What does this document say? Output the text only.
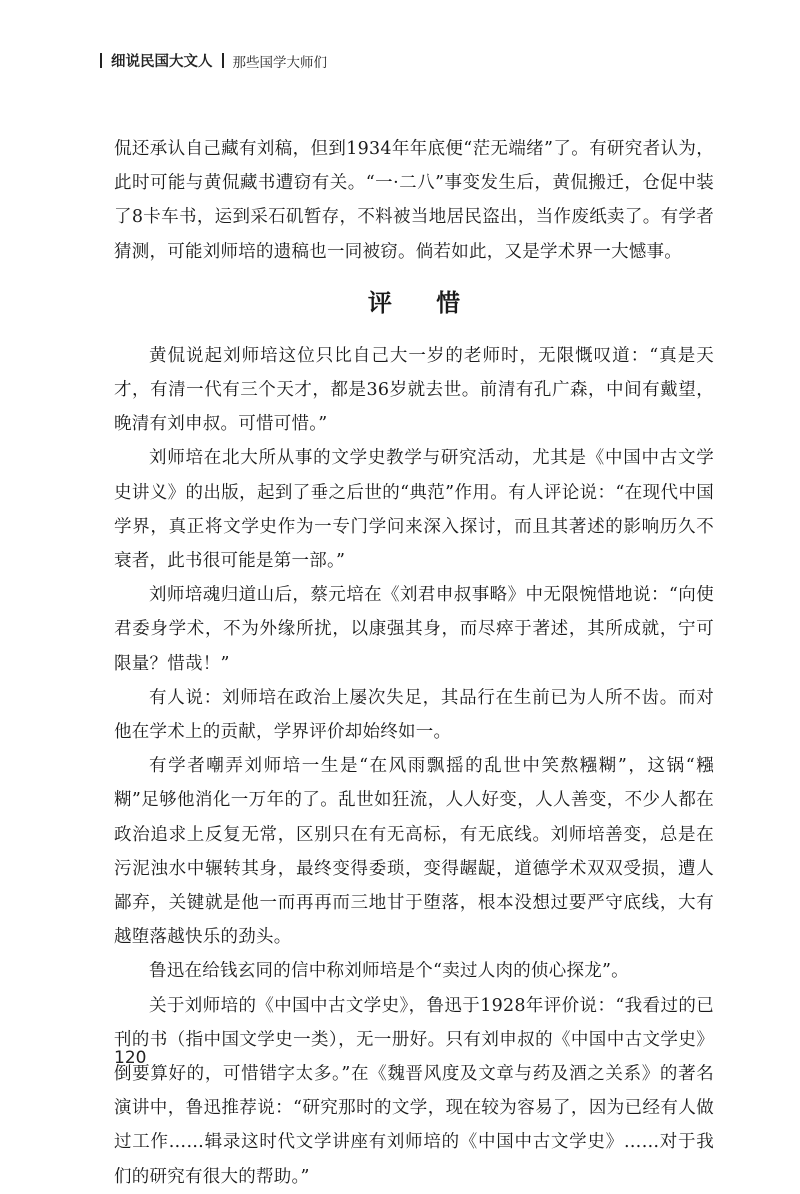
细说民国大文人 那些国学大师们

侃还承认自己藏有刘稿，但到1934年年底便“茫无端绪”了。有研究者认为，此时可能与黄侃藏书遭窃有关。“一·二八”事变发生后，黄侃搬迁，仓促中装了8卡车书，运到采石矶暂存，不料被当地居民盗出，当作废纸卖了。有学者猜测，可能刘师培的遗稿也一同被窃。倘若如此，又是学术界一大憾事。

评 惜

黄侃说起刘师培这位只比自己大一岁的老师时，无限慨叹道：“真是天才，有清一代有三个天才，都是36岁就去世。前清有孔广森，中间有戴望，晚清有刘申叔。可惜可惜。”

刘师培在北大所从事的文学史教学与研究活动，尤其是《中国中古文学史讲义》的出版，起到了垂之后世的“典范”作用。有人评论说：“在现代中国学界，真正将文学史作为一专门学问来深入探讨，而且其著述的影响历久不衰者，此书很可能是第一部。”

刘师培魂归道山后，蔡元培在《刘君申叔事略》中无限惋惜地说：“向使君委身学术，不为外缘所扰，以康强其身，而尽瘁于著述，其所成就，宁可限量？惜哉！”

有人说：刘师培在政治上屡次失足，其品行在生前已为人所不齿。而对他在学术上的贡献，学界评价却始终如一。

有学者嘲弄刘师培一生是“在风雨飘摇的乱世中笑熬糨糊”，这锅“糨糊”足够他消化一万年的了。乱世如狂流，人人好变，人人善变，不少人都在政治追求上反复无常，区别只在有无高标，有无底线。刘师培善变，总是在污泥浊水中辗转其身，最终变得委琐，变得龌龊，道德学术双双受损，遭人鄙弃，关键就是他一而再再而三地甘于堕落，根本没想过要严守底线，大有越堕落越快乐的劲头。

鲁迅在给钱玄同的信中称刘师培是个“卖过人肉的侦心探龙”。

关于刘师培的《中国中古文学史》，鲁迅于1928年评价说：“我看过的已刊的书（指中国文学史一类），无一册好。只有刘申叔的《中国中古文学史》倒要算好的，可惜错字太多。”在《魏晋风度及文章与药及酒之关系》的著名演讲中，鲁迅推荐说：“研究那时的文学，现在较为容易了，因为已经有人做过工作……辑录这时代文学讲座有刘师培的《中国中古文学史》……对于我们的研究有很大的帮助。”

120
